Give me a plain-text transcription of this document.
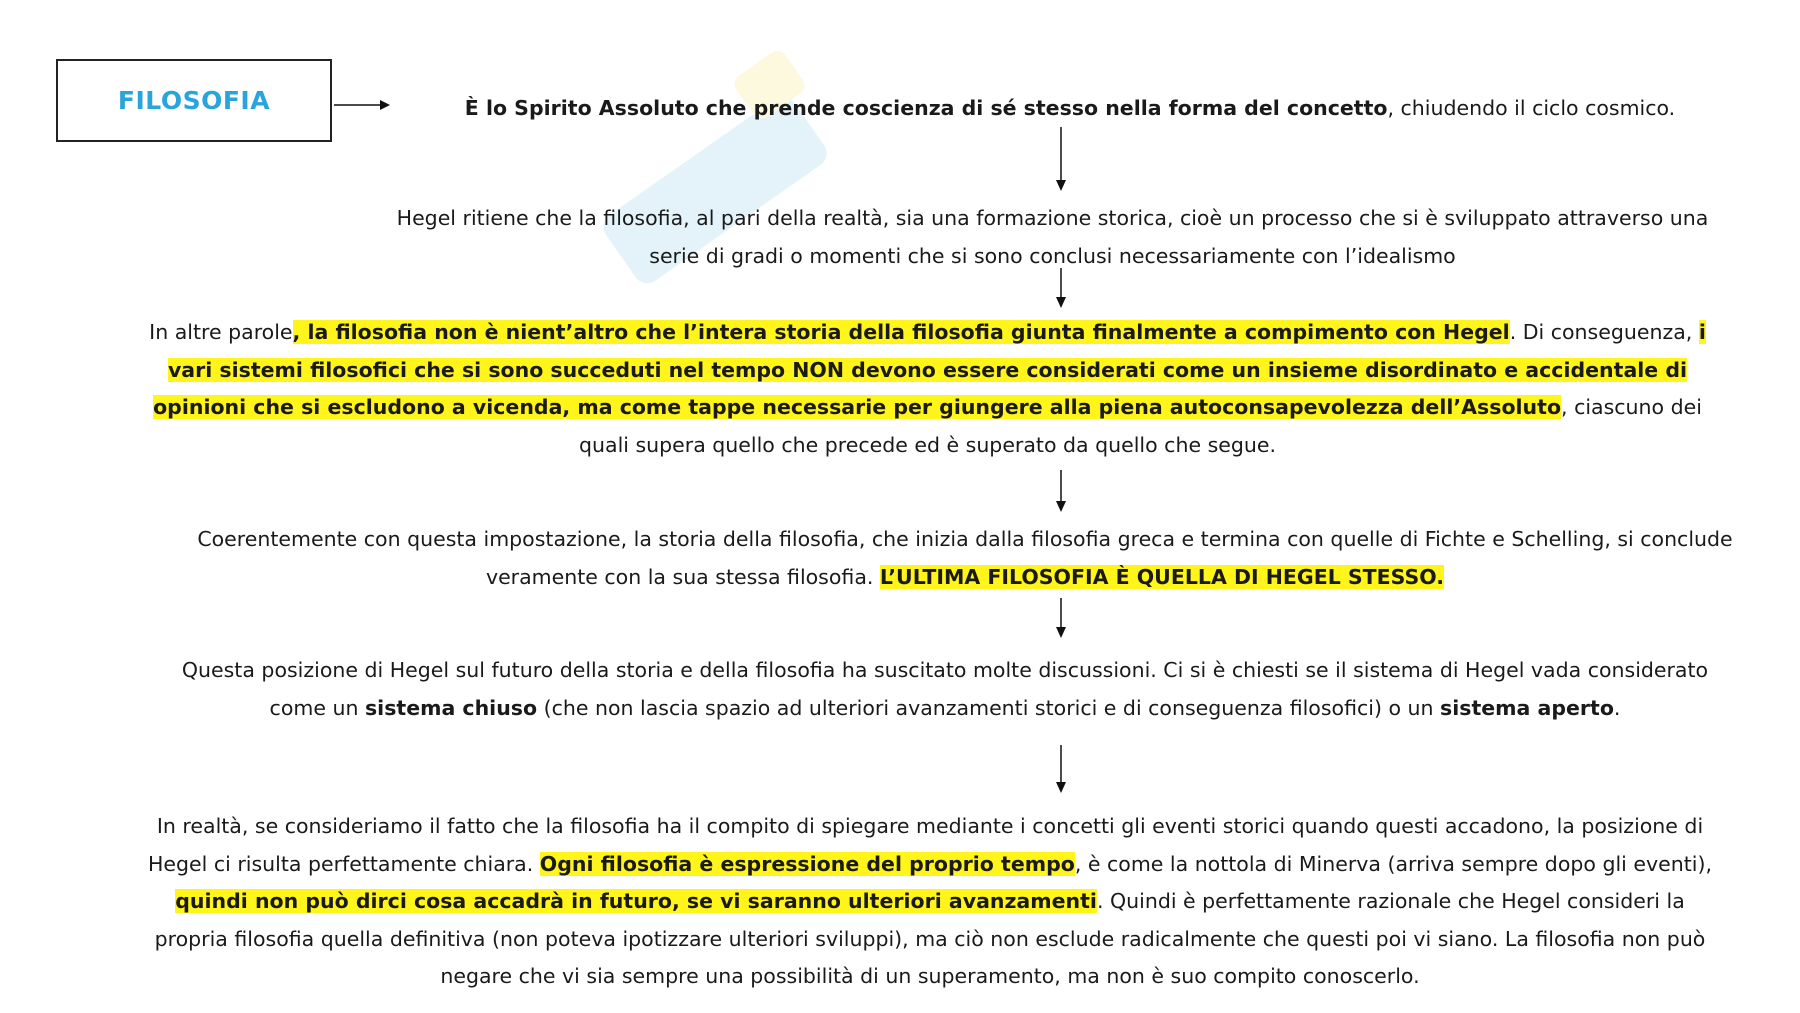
FILOSOFIA	È lo Spirito Assoluto che prende coscienza di sé stesso nella forma del concetto, chiudendo il ciclo cosmico.

Hegel ritiene che la filosofia, al pari della realtà, sia una formazione storica, cioè un processo che si è sviluppato attraverso una serie di gradi o momenti che si sono conclusi necessariamente con l’idealismo

In altre parole, la filosofia non è nient’altro che l’intera storia della filosofia giunta finalmente a compimento con Hegel. Di conseguenza, i vari sistemi filosofici che si sono succeduti nel tempo NON devono essere considerati come un insieme disordinato e accidentale di opinioni che si escludono a vicenda, ma come tappe necessarie per giungere alla piena autoconsapevolezza dell’Assoluto, ciascuno dei quali supera quello che precede ed è superato da quello che segue.

Coerentemente con questa impostazione, la storia della filosofia, che inizia dalla filosofia greca e termina con quelle di Fichte e Schelling, si conclude veramente con la sua stessa filosofia. L’ULTIMA FILOSOFIA È QUELLA DI HEGEL STESSO.

Questa posizione di Hegel sul futuro della storia e della filosofia ha suscitato molte discussioni. Ci si è chiesti se il sistema di Hegel vada considerato come un sistema chiuso (che non lascia spazio ad ulteriori avanzamenti storici e di conseguenza filosofici) o un sistema aperto.

In realtà, se consideriamo il fatto che la filosofia ha il compito di spiegare mediante i concetti gli eventi storici quando questi accadono, la posizione di Hegel ci risulta perfettamente chiara. Ogni filosofia è espressione del proprio tempo, è come la nottola di Minerva (arriva sempre dopo gli eventi), quindi non può dirci cosa accadrà in futuro, se vi saranno ulteriori avanzamenti. Quindi è perfettamente razionale che Hegel consideri la propria filosofia quella definitiva (non poteva ipotizzare ulteriori sviluppi), ma ciò non esclude radicalmente che questi poi vi siano. La filosofia non può negare che vi sia sempre una possibilità di un superamento, ma non è suo compito conoscerlo.
